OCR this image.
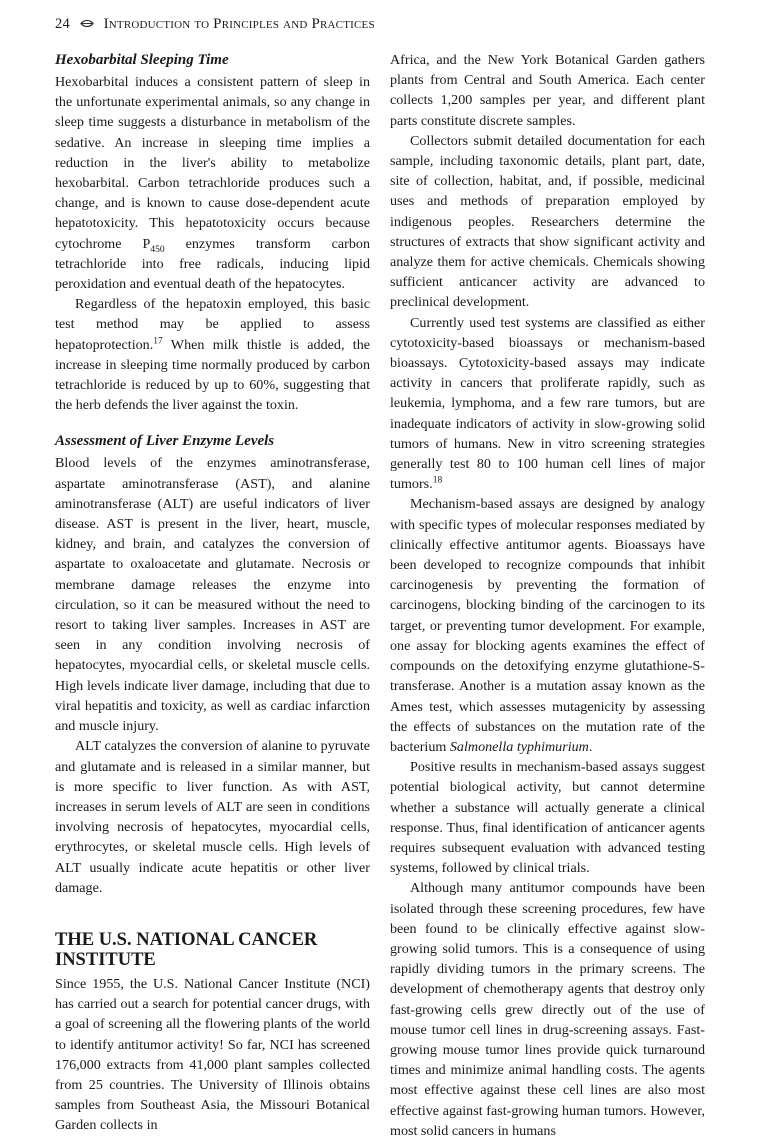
24 Introduction to Principles and Practices
Hexobarbital Sleeping Time

Hexobarbital induces a consistent pattern of sleep in the unfortunate experimental animals, so any change in sleep time suggests a disturbance in metabolism of the sedative. An increase in sleeping time implies a reduction in the liver's ability to metabolize hexobarbital. Carbon tetrachloride produces such a change, and is known to cause dose-dependent acute hepatotoxicity. This hepatotoxicity occurs because cytochrome $P_{450}$ enzymes transform carbon tetrachloride into free radicals, inducing lipid peroxidation and eventual death of the hepatocytes.

Regardless of the hepatoxin employed, this basic test method may be applied to assess hepatoprotection.$^{17}$ When milk thistle is added, the increase in sleeping time normally produced by carbon tetrachloride is reduced by up to 60%, suggesting that the herb defends the liver against the toxin.

Assessment of Liver Enzyme Levels

Blood levels of the enzymes aminotransferase, aspartate aminotransferase (AST), and alanine aminotransferase (ALT) are useful indicators of liver disease. AST is present in the liver, heart, muscle, kidney, and brain, and catalyzes the conversion of aspartate to oxaloacetate and glutamate. Necrosis or membrane damage releases the enzyme into circulation, so it can be measured without the need to resort to taking liver samples. Increases in AST are seen in any condition involving necrosis of hepatocytes, myocardial cells, or skeletal muscle cells. High levels indicate liver damage, including that due to viral hepatitis and toxicity, as well as cardiac infarction and muscle injury.

ALT catalyzes the conversion of alanine to pyruvate and glutamate and is released in a similar manner, but is more specific to liver function. As with AST, increases in serum levels of ALT are seen in conditions involving necrosis of hepatocytes, myocardial cells, erythrocytes, or skeletal muscle cells. High levels of ALT usually indicate acute hepatitis or other liver damage.

THE U.S. NATIONAL CANCER INSTITUTE

Since 1955, the U.S. National Cancer Institute (NCI) has carried out a search for potential cancer drugs, with a goal of screening all the flowering plants of the world to identify antitumor activity! So far, NCI has screened 176,000 extracts from 41,000 plant samples collected from 25 countries. The University of Illinois obtains samples from Southeast Asia, the Missouri Botanical Garden collects in

Africa, and the New York Botanical Garden gathers plants from Central and South America. Each center collects 1,200 samples per year, and different plant parts constitute discrete samples.

Collectors submit detailed documentation for each sample, including taxonomic details, plant part, date, site of collection, habitat, and, if possible, medicinal uses and methods of preparation employed by indigenous peoples. Researchers determine the structures of extracts that show significant activity and analyze them for active chemicals. Chemicals showing sufficient anticancer activity are advanced to preclinical development.

Currently used test systems are classified as either cytotoxicity-based bioassays or mechanism-based bioassays. Cytotoxicity-based assays may indicate activity in cancers that proliferate rapidly, such as leukemia, lymphoma, and a few rare tumors, but are inadequate indicators of activity in slow-growing solid tumors of humans. New in vitro screening strategies generally test 80 to 100 human cell lines of major tumors.$^{18}$

Mechanism-based assays are designed by analogy with specific types of molecular responses mediated by clinically effective antitumor agents. Bioassays have been developed to recognize compounds that inhibit carcinogenesis by preventing the formation of carcinogens, blocking binding of the carcinogen to its target, or preventing tumor development. For example, one assay for blocking agents examines the effect of compounds on the detoxifying enzyme glutathione-S-transferase. Another is a mutation assay known as the Ames test, which assesses mutagenicity by assessing the effects of substances on the mutation rate of the bacterium Salmonella typhimurium.

Positive results in mechanism-based assays suggest potential biological activity, but cannot determine whether a substance will actually generate a clinical response. Thus, final identification of anticancer agents requires subsequent evaluation with advanced testing systems, followed by clinical trials.

Although many antitumor compounds have been isolated through these screening procedures, few have been found to be clinically effective against slow-growing solid tumors. This is a consequence of using rapidly dividing tumors in the primary screens. The development of chemotherapy agents that destroy only fast-growing cells grew directly out of the use of mouse tumor cell lines in drug-screening assays. Fast-growing mouse tumor lines provide quick turnaround times and minimize animal handling costs. The agents most effective against these cell lines are also most effective against fast-growing human tumors. However, most solid cancers in humans
